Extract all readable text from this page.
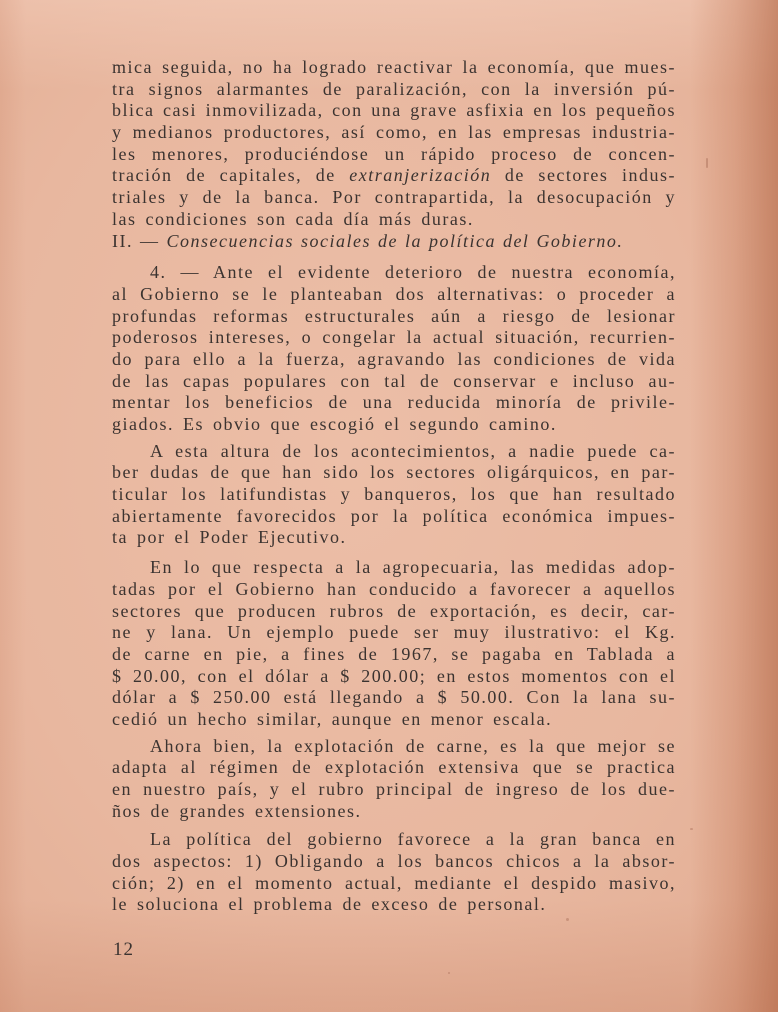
mica seguida, no ha logrado reactivar la economía, que mues-
tra signos alarmantes de paralización, con la inversión pú-
blica casi inmovilizada, con una grave asfixia en los pequeños
y medianos productores, así como, en las empresas industria-
les menores, produciéndose un rápido proceso de concen-
tración de capitales, de extranjerización de sectores indus-
triales y de la banca. Por contrapartida, la desocupación y
las condiciones son cada día más duras.
II. — Consecuencias sociales de la política del Gobierno.
4. — Ante el evidente deterioro de nuestra economía,
al Gobierno se le planteaban dos alternativas: o proceder a
profundas reformas estructurales aún a riesgo de lesionar
poderosos intereses, o congelar la actual situación, recurrien-
do para ello a la fuerza, agravando las condiciones de vida
de las capas populares con tal de conservar e incluso au-
mentar los beneficios de una reducida minoría de privile-
giados. Es obvio que escogió el segundo camino.
A esta altura de los acontecimientos, a nadie puede ca-
ber dudas de que han sido los sectores oligárquicos, en par-
ticular los latifundistas y banqueros, los que han resultado
abiertamente favorecidos por la política económica impues-
ta por el Poder Ejecutivo.
En lo que respecta a la agropecuaria, las medidas adop-
tadas por el Gobierno han conducido a favorecer a aquellos
sectores que producen rubros de exportación, es decir, car-
ne y lana. Un ejemplo puede ser muy ilustrativo: el Kg.
de carne en pie, a fines de 1967, se pagaba en Tablada a
$ 20.00, con el dólar a $ 200.00; en estos momentos con el
dólar a $ 250.00 está llegando a $ 50.00. Con la lana su-
cedió un hecho similar, aunque en menor escala.
Ahora bien, la explotación de carne, es la que mejor se
adapta al régimen de explotación extensiva que se practica
en nuestro país, y el rubro principal de ingreso de los due-
ños de grandes extensiones.
La política del gobierno favorece a la gran banca en
dos aspectos: 1) Obligando a los bancos chicos a la absor-
ción; 2) en el momento actual, mediante el despido masivo,
le soluciona el problema de exceso de personal.
12
